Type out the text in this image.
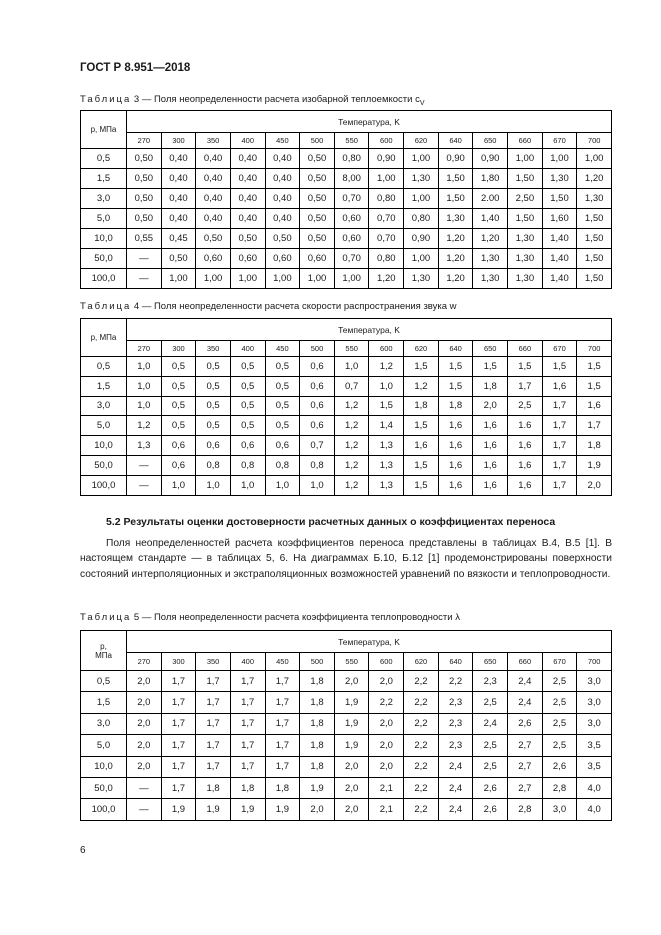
ГОСТ Р 8.951—2018
Таблица 3 — Поля неопределенности расчета изобарной теплоемкости $c_V$
p, МПа	Температура, K													
	270	300	350	400	450	500	550	600	620	640	650	660	670	700
0,5	0,50	0,40	0,40	0,40	0,40	0,50	0,80	0,90	1,00	0,90	0,90	1,00	1,00	1,00
1,5	0,50	0,40	0,40	0,40	0,40	0,50	8,00	1,00	1,30	1,50	1,80	1,50	1,30	1,20
3,0	0,50	0,40	0,40	0,40	0,40	0,50	0,70	0,80	1,00	1,50	2.00	2,50	1,50	1,30
5,0	0,50	0,40	0,40	0,40	0,40	0,50	0,60	0,70	0,80	1,30	1,40	1,50	1,60	1,50
10,0	0,55	0,45	0,50	0,50	0,50	0,50	0,60	0,70	0,90	1,20	1,20	1,30	1,40	1,50
50,0	—	0,50	0,60	0,60	0,60	0,60	0,70	0,80	1,00	1,20	1,30	1,30	1,40	1,50
100,0	—	1,00	1,00	1,00	1,00	1,00	1,00	1,20	1,30	1,20	1,30	1,30	1,40	1,50
Таблица 4 — Поля неопределенности расчета скорости распространения звука w
p, МПа	Температура, K													
	270	300	350	400	450	500	550	600	620	640	650	660	670	700
0,5	1,0	0,5	0,5	0,5	0,5	0,6	1,0	1,2	1,5	1,5	1,5	1,5	1,5	1,5
1,5	1,0	0,5	0,5	0,5	0,5	0,6	0,7	1,0	1,2	1,5	1,8	1,7	1,6	1,5
3,0	1,0	0,5	0,5	0,5	0,5	0,6	1,2	1,5	1,8	1,8	2,0	2,5	1,7	1,6
5,0	1,2	0,5	0,5	0,5	0,5	0,6	1,2	1,4	1,5	1,6	1,6	1.6	1,7	1,7
10,0	1,3	0,6	0,6	0,6	0,6	0,7	1,2	1,3	1,6	1,6	1,6	1,6	1,7	1,8
50,0	—	0,6	0,8	0,8	0,8	0,8	1,2	1,3	1,5	1,6	1,6	1,6	1,7	1,9
100,0	—	1,0	1,0	1,0	1,0	1,0	1,2	1,3	1,5	1,6	1,6	1,6	1,7	2,0
5.2 Результаты оценки достоверности расчетных данных о коэффициентах переноса
Поля неопределенностей расчета коэффициентов переноса представлены в таблицах В.4, В.5 [1]. В настоящем стандарте — в таблицах 5, 6. На диаграммах Б.10, Б.12 [1] продемонстрированы поверхности состояний интерполяционных и экстраполяционных возможностей уравнений по вязкости и теплопроводности.
Таблица 5 — Поля неопределенности расчета коэффициента теплопроводности λ
p,
МПа	Температура, K													
	270	300	350	400	450	500	550	600	620	640	650	660	670	700
0,5	2,0	1,7	1,7	1,7	1,7	1,8	2,0	2,0	2,2	2,2	2,3	2,4	2,5	3,0
1,5	2,0	1,7	1,7	1,7	1,7	1,8	1,9	2,2	2,2	2,3	2,5	2,4	2,5	3,0
3,0	2,0	1,7	1,7	1,7	1,7	1,8	1,9	2,0	2,2	2,3	2,4	2,6	2,5	3,0
5,0	2,0	1,7	1,7	1,7	1,7	1,8	1,9	2,0	2,2	2,3	2,5	2,7	2,5	3,5
10,0	2,0	1,7	1,7	1,7	1,7	1,8	2,0	2,0	2,2	2,4	2,5	2,7	2,6	3,5
50,0	—	1,7	1,8	1,8	1,8	1,9	2,0	2,1	2,2	2,4	2,6	2,7	2,8	4,0
100,0	—	1,9	1,9	1,9	1,9	2,0	2,0	2,1	2,2	2,4	2,6	2,8	3,0	4,0
6
